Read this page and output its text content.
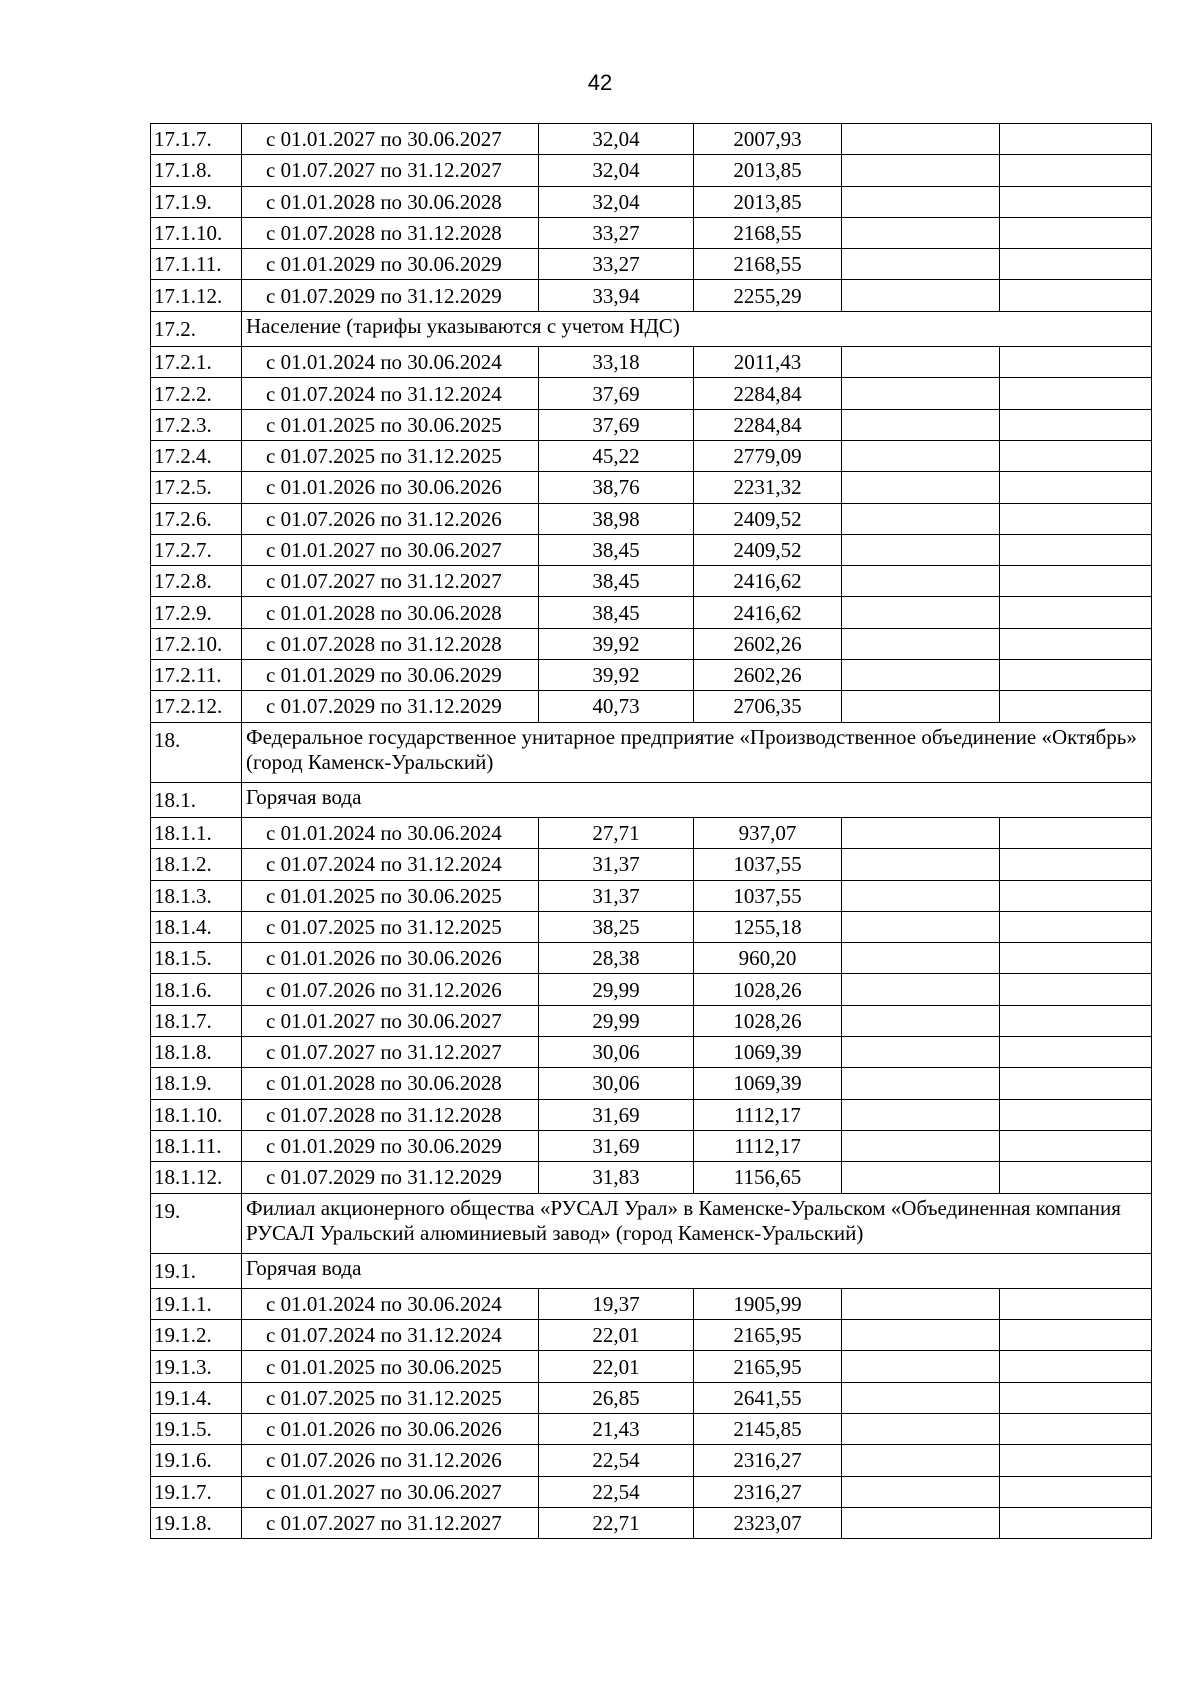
42
17.1.7.	с 01.01.2027 по 30.06.2027	32,04	2007,93		
17.1.8.	с 01.07.2027 по 31.12.2027	32,04	2013,85		
17.1.9.	с 01.01.2028 по 30.06.2028	32,04	2013,85		
17.1.10.	с 01.07.2028 по 31.12.2028	33,27	2168,55		
17.1.11.	с 01.01.2029 по 30.06.2029	33,27	2168,55		
17.1.12.	с 01.07.2029 по 31.12.2029	33,94	2255,29		
17.2.	Население (тарифы указываются с учетом НДС)				
17.2.1.	с 01.01.2024 по 30.06.2024	33,18	2011,43		
17.2.2.	с 01.07.2024 по 31.12.2024	37,69	2284,84		
17.2.3.	с 01.01.2025 по 30.06.2025	37,69	2284,84		
17.2.4.	с 01.07.2025 по 31.12.2025	45,22	2779,09		
17.2.5.	с 01.01.2026 по 30.06.2026	38,76	2231,32		
17.2.6.	с 01.07.2026 по 31.12.2026	38,98	2409,52		
17.2.7.	с 01.01.2027 по 30.06.2027	38,45	2409,52		
17.2.8.	с 01.07.2027 по 31.12.2027	38,45	2416,62		
17.2.9.	с 01.01.2028 по 30.06.2028	38,45	2416,62		
17.2.10.	с 01.07.2028 по 31.12.2028	39,92	2602,26		
17.2.11.	с 01.01.2029 по 30.06.2029	39,92	2602,26		
17.2.12.	с 01.07.2029 по 31.12.2029	40,73	2706,35		
18.	Федеральное государственное унитарное предприятие «Производственное объединение «Октябрь» (город Каменск-Уральский)				
18.1.	Горячая вода				
18.1.1.	с 01.01.2024 по 30.06.2024	27,71	937,07		
18.1.2.	с 01.07.2024 по 31.12.2024	31,37	1037,55		
18.1.3.	с 01.01.2025 по 30.06.2025	31,37	1037,55		
18.1.4.	с 01.07.2025 по 31.12.2025	38,25	1255,18		
18.1.5.	с 01.01.2026 по 30.06.2026	28,38	960,20		
18.1.6.	с 01.07.2026 по 31.12.2026	29,99	1028,26		
18.1.7.	с 01.01.2027 по 30.06.2027	29,99	1028,26		
18.1.8.	с 01.07.2027 по 31.12.2027	30,06	1069,39		
18.1.9.	с 01.01.2028 по 30.06.2028	30,06	1069,39		
18.1.10.	с 01.07.2028 по 31.12.2028	31,69	1112,17		
18.1.11.	с 01.01.2029 по 30.06.2029	31,69	1112,17		
18.1.12.	с 01.07.2029 по 31.12.2029	31,83	1156,65		
19.	Филиал акционерного общества «РУСАЛ Урал» в Каменске-Уральском «Объединенная компания РУСАЛ Уральский алюминиевый завод» (город Каменск-Уральский)				
19.1.	Горячая вода				
19.1.1.	с 01.01.2024 по 30.06.2024	19,37	1905,99		
19.1.2.	с 01.07.2024 по 31.12.2024	22,01	2165,95		
19.1.3.	с 01.01.2025 по 30.06.2025	22,01	2165,95		
19.1.4.	с 01.07.2025 по 31.12.2025	26,85	2641,55		
19.1.5.	с 01.01.2026 по 30.06.2026	21,43	2145,85		
19.1.6.	с 01.07.2026 по 31.12.2026	22,54	2316,27		
19.1.7.	с 01.01.2027 по 30.06.2027	22,54	2316,27		
19.1.8.	с 01.07.2027 по 31.12.2027	22,71	2323,07		
